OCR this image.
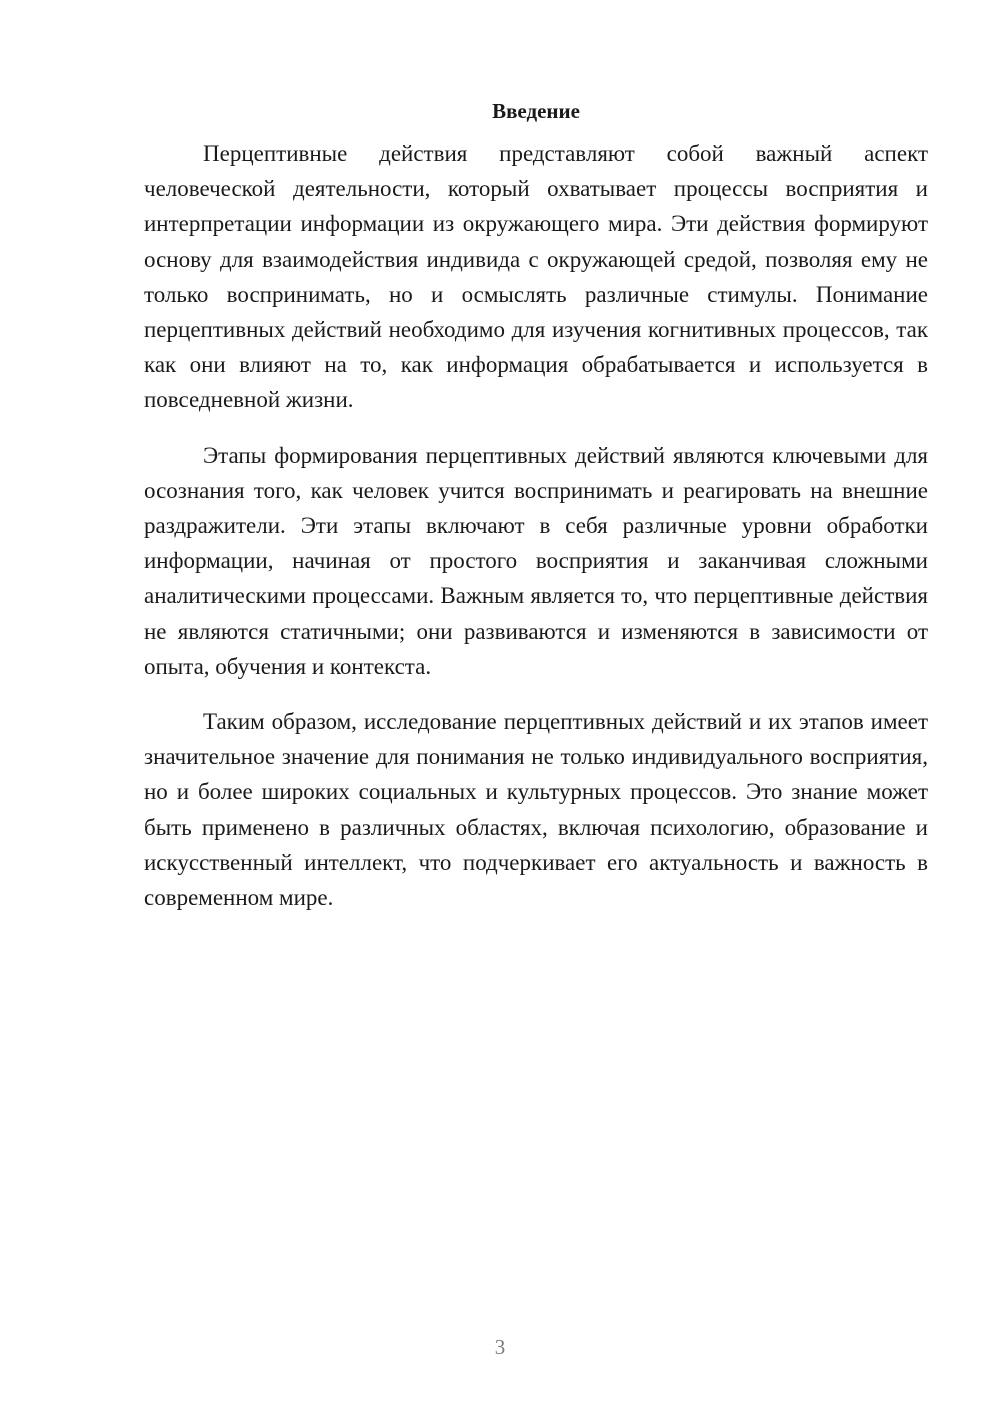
Введение

Перцептивные действия представляют собой важный аспект человеческой деятельности, который охватывает процессы восприятия и интерпретации информации из окружающего мира. Эти действия формируют основу для взаимодействия индивида с окружающей средой, позволяя ему не только воспринимать, но и осмыслять различные стимулы. Понимание перцептивных действий необходимо для изучения когнитивных процессов, так как они влияют на то, как информация обрабатывается и используется в повседневной жизни.

Этапы формирования перцептивных действий являются ключевыми для осознания того, как человек учится воспринимать и реагировать на внешние раздражители. Эти этапы включают в себя различные уровни обработки информации, начиная от простого восприятия и заканчивая сложными аналитическими процессами. Важным является то, что перцептивные действия не являются статичными; они развиваются и изменяются в зависимости от опыта, обучения и контекста.

Таким образом, исследование перцептивных действий и их этапов имеет значительное значение для понимания не только индивидуального восприятия, но и более широких социальных и культурных процессов. Это знание может быть применено в различных областях, включая психологию, образование и искусственный интеллект, что подчеркивает его актуальность и важность в современном мире.

3
